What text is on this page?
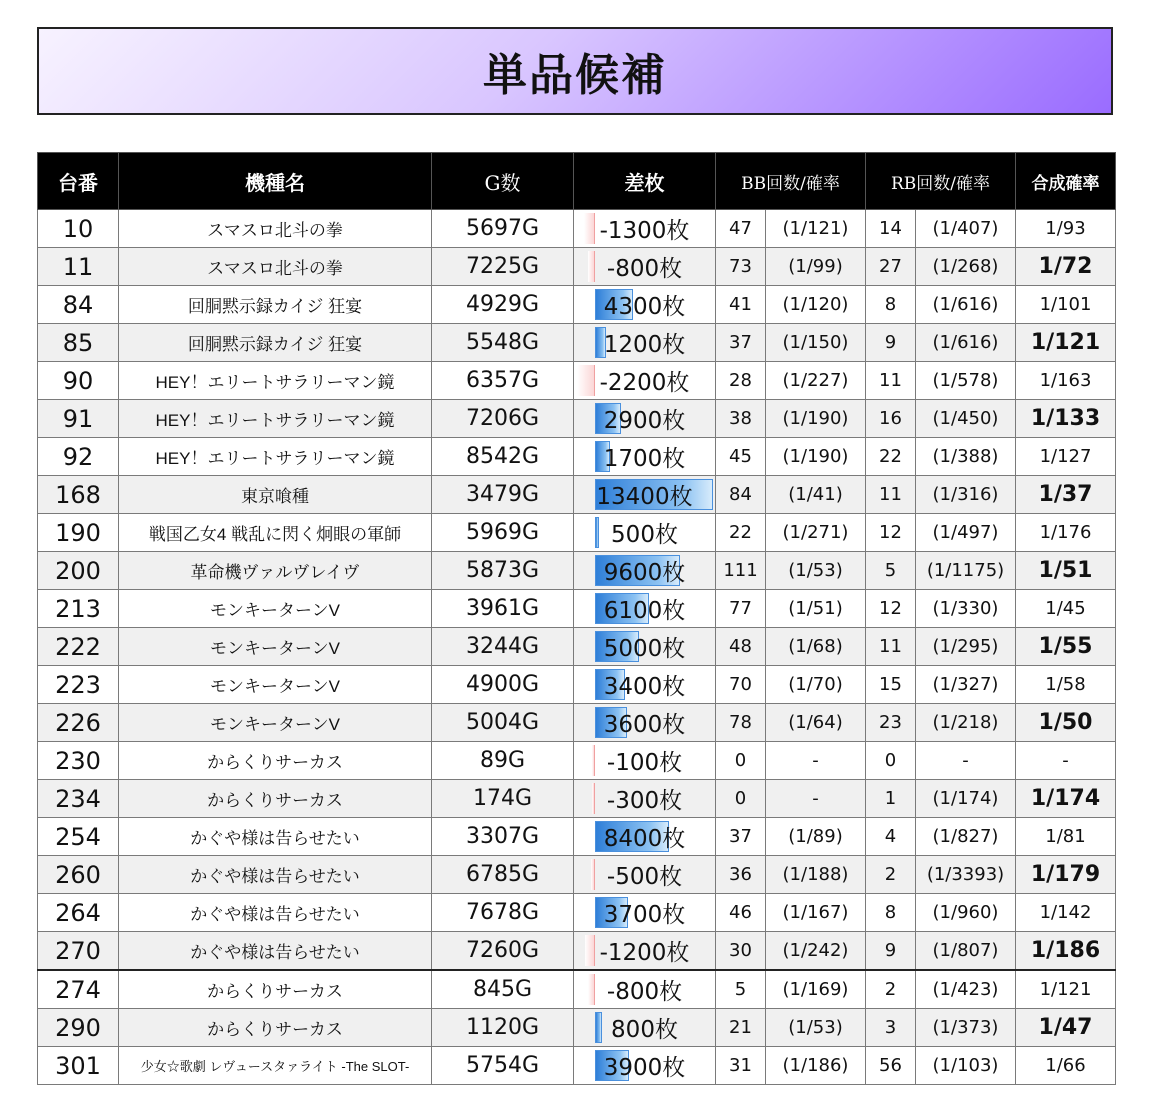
単品候補
台番	機種名	G数	差枚	BB回数/確率		RB回数/確率		合成確率
10	スマスロ北斗の拳	5697G	-1300枚	47	(1/121)	14	(1/407)	1/93
11	スマスロ北斗の拳	7225G	-800枚	73	(1/99)	27	(1/268)	1/72
84	回胴黙示録カイジ 狂宴	4929G	4300枚	41	(1/120)	8	(1/616)	1/101
85	回胴黙示録カイジ 狂宴	5548G	1200枚	37	(1/150)	9	(1/616)	1/121
90	HEY！エリートサラリーマン鏡	6357G	-2200枚	28	(1/227)	11	(1/578)	1/163
91	HEY！エリートサラリーマン鏡	7206G	2900枚	38	(1/190)	16	(1/450)	1/133
92	HEY！エリートサラリーマン鏡	8542G	1700枚	45	(1/190)	22	(1/388)	1/127
168	東京喰種	3479G	13400枚	84	(1/41)	11	(1/316)	1/37
190	戦国乙女4 戦乱に閃く炯眼の軍師	5969G	500枚	22	(1/271)	12	(1/497)	1/176
200	革命機ヴァルヴレイヴ	5873G	9600枚	111	(1/53)	5	(1/1175)	1/51
213	モンキーターンV	3961G	6100枚	77	(1/51)	12	(1/330)	1/45
222	モンキーターンV	3244G	5000枚	48	(1/68)	11	(1/295)	1/55
223	モンキーターンV	4900G	3400枚	70	(1/70)	15	(1/327)	1/58
226	モンキーターンV	5004G	3600枚	78	(1/64)	23	(1/218)	1/50
230	からくりサーカス	89G	-100枚	0	-	0	-	-
234	からくりサーカス	174G	-300枚	0	-	1	(1/174)	1/174
254	かぐや様は告らせたい	3307G	8400枚	37	(1/89)	4	(1/827)	1/81
260	かぐや様は告らせたい	6785G	-500枚	36	(1/188)	2	(1/3393)	1/179
264	かぐや様は告らせたい	7678G	3700枚	46	(1/167)	8	(1/960)	1/142
270	かぐや様は告らせたい	7260G	-1200枚	30	(1/242)	9	(1/807)	1/186
274	からくりサーカス	845G	-800枚	5	(1/169)	2	(1/423)	1/121
290	からくりサーカス	1120G	800枚	21	(1/53)	3	(1/373)	1/47
301	少女☆歌劇 レヴュースタァライト -The SLOT-	5754G	3900枚	31	(1/186)	56	(1/103)	1/66
